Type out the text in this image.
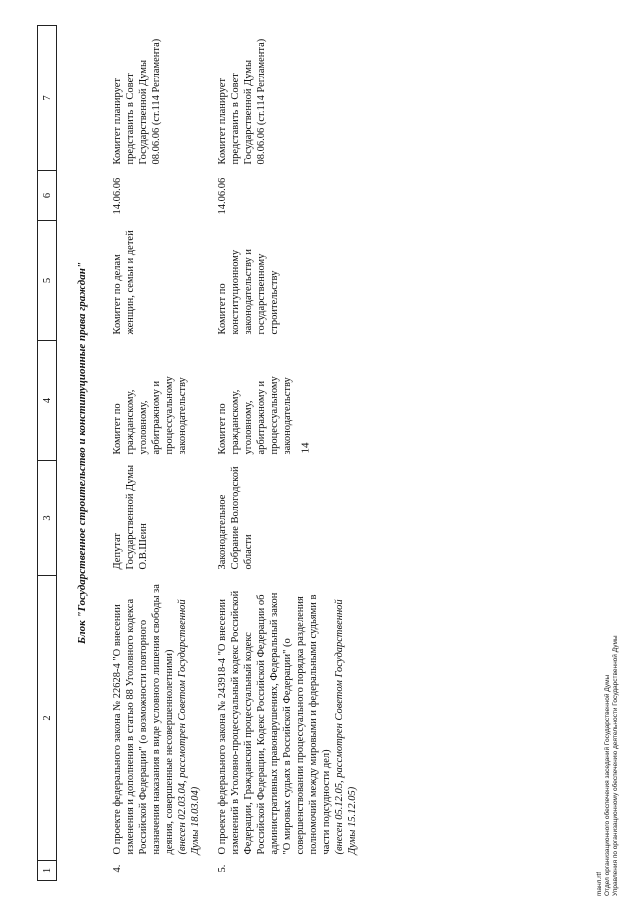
14
1	2	3	4	5	6	7
Блок "Государственное строительство и конституционные права граждан"						
4.	О проекте федерального закона № 22628-4 "О внесении изменения и дополнения в статью 88 Уголовного кодекса Российской Федерации" (о возможности повторного назначения наказания в виде условного лишения свободы за деяния, совершенные несовершеннолетними) (внесен 02.03.04, рассмотрен Советом Государственной Думы 18.03.04)	Депутат Государственной Думы О.В.Шеин	Комитет по гражданскому, уголовному, арбитражному и процессуальному законодательству	Комитет по делам женщин, семьи и детей	14.06.06	Комитет планирует представить в Совет Государственной Думы 08.06.06 (ст.114 Регламента)
5.	О проекте федерального закона № 243918-4 "О внесении изменений в Уголовно-процессуальный кодекс Российской Федерации, Гражданский процессуальный кодекс Российской Федерации, Кодекс Российской Федерации об административных правонарушениях, Федеральный закон "О мировых судьях в Российской Федерации" (о совершенствовании процессуального порядка разделения полномочий между мировыми и федеральными судьями в части подсудности дел) (внесен 05.12.05, рассмотрен Советом Государственной Думы 15.12.05)	Законодательное Собрание Вологодской области	Комитет по гражданскому, уголовному, арбитражному и процессуальному законодательству	Комитет по конституционному законодательству и государственному строительству	14.06.06	Комитет планирует представить в Совет Государственной Думы 08.06.06 (ст.114 Регламента)
maнл.rtf Отдел организационного обеспечения заседаний Государственной Думы Управления по организационному обеспечению деятельности Государственной Думы
